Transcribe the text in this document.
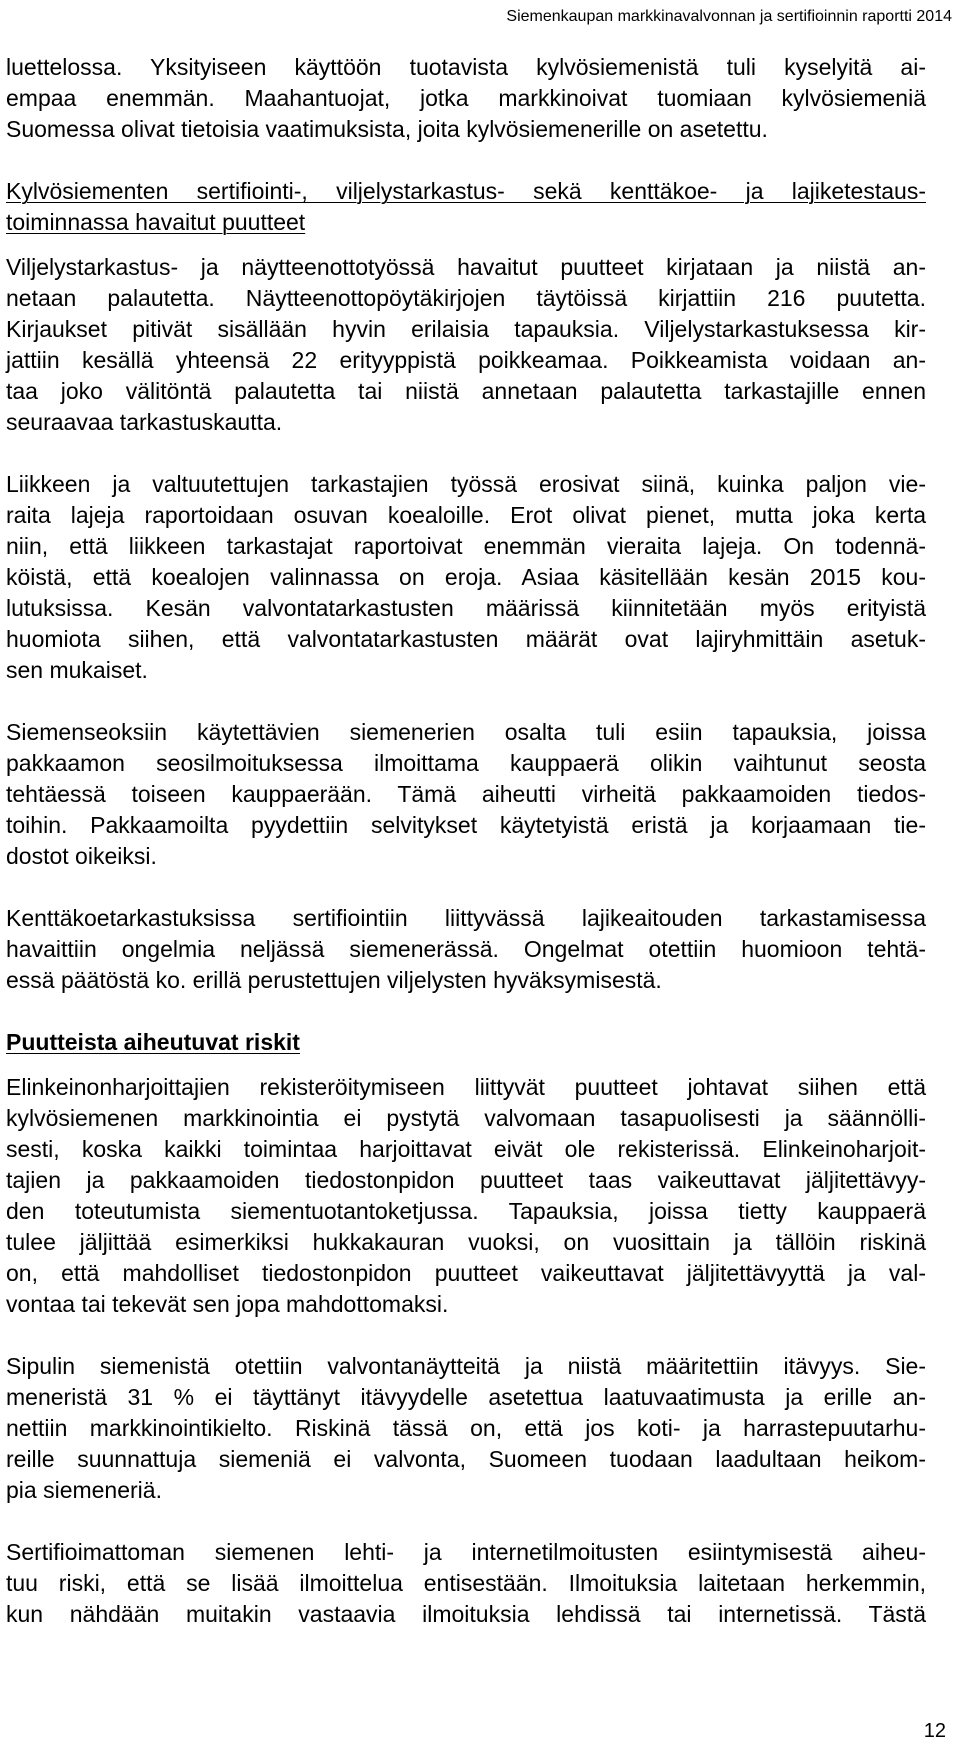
Siemenkaupan markkinavalvonnan ja sertifioinnin raportti 2014
luettelossa. Yksityiseen käyttöön tuotavista kylvösiemenistä tuli kyselyitä ai-
empaa enemmän. Maahantuojat, jotka markkinoivat tuomiaan kylvösiemeniä
Suomessa olivat tietoisia vaatimuksista, joita kylvösiemenerille on asetettu.
Kylvösiementen sertifiointi-, viljelystarkastus- sekä kenttäkoe- ja lajiketestaus-
toiminnassa havaitut puutteet
Viljelystarkastus- ja näytteenottotyössä havaitut puutteet kirjataan ja niistä an-
netaan palautetta. Näytteenottopöytäkirjojen täytöissä kirjattiin 216 puutetta.
Kirjaukset pitivät sisällään hyvin erilaisia tapauksia. Viljelystarkastuksessa kir-
jattiin kesällä yhteensä 22 erityyppistä poikkeamaa. Poikkeamista voidaan an-
taa joko välitöntä palautetta tai niistä annetaan palautetta tarkastajille ennen
seuraavaa tarkastuskautta.
Liikkeen ja valtuutettujen tarkastajien työssä erosivat siinä, kuinka paljon vie-
raita lajeja raportoidaan osuvan koealoille. Erot olivat pienet, mutta joka kerta
niin, että liikkeen tarkastajat raportoivat enemmän vieraita lajeja. On todennä-
köistä, että koealojen valinnassa on eroja. Asiaa käsitellään kesän 2015 kou-
lutuksissa. Kesän valvontatarkastusten määrissä kiinnitetään myös erityistä
huomiota siihen, että valvontatarkastusten määrät ovat lajiryhmittäin asetuk-
sen mukaiset.
Siemenseoksiin käytettävien siemenerien osalta tuli esiin tapauksia, joissa
pakkaamon seosilmoituksessa ilmoittama kauppaerä olikin vaihtunut seosta
tehtäessä toiseen kauppaerään. Tämä aiheutti virheitä pakkaamoiden tiedos-
toihin. Pakkaamoilta pyydettiin selvitykset käytetyistä eristä ja korjaamaan tie-
dostot oikeiksi.
Kenttäkoetarkastuksissa sertifiointiin liittyvässä lajikeaitouden tarkastamisessa
havaittiin ongelmia neljässä siemenerässä. Ongelmat otettiin huomioon tehtä-
essä päätöstä ko. erillä perustettujen viljelysten hyväksymisestä.
Puutteista aiheutuvat riskit
Elinkeinonharjoittajien rekisteröitymiseen liittyvät puutteet johtavat siihen että
kylvösiemenen markkinointia ei pystytä valvomaan tasapuolisesti ja säännölli-
sesti, koska kaikki toimintaa harjoittavat eivät ole rekisterissä. Elinkeinoharjoit-
tajien ja pakkaamoiden tiedostonpidon puutteet taas vaikeuttavat jäljitettävyy-
den toteutumista siementuotantoketjussa. Tapauksia, joissa tietty kauppaerä
tulee jäljittää esimerkiksi hukkakauran vuoksi, on vuosittain ja tällöin riskinä
on, että mahdolliset tiedostonpidon puutteet vaikeuttavat jäljitettävyyttä ja val-
vontaa tai tekevät sen jopa mahdottomaksi.
Sipulin siemenistä otettiin valvontanäytteitä ja niistä määritettiin itävyys. Sie-
meneristä 31 % ei täyttänyt itävyydelle asetettua laatuvaatimusta ja erille an-
nettiin markkinointikielto. Riskinä tässä on, että jos koti- ja harrastepuutarhu-
reille suunnattuja siemeniä ei valvonta, Suomeen tuodaan laadultaan heikom-
pia siemeneriä.
Sertifioimattoman siemenen lehti- ja internetilmoitusten esiintymisestä aiheu-
tuu riski, että se lisää ilmoittelua entisestään. Ilmoituksia laitetaan herkemmin,
kun nähdään muitakin vastaavia ilmoituksia lehdissä tai internetissä. Tästä
12
